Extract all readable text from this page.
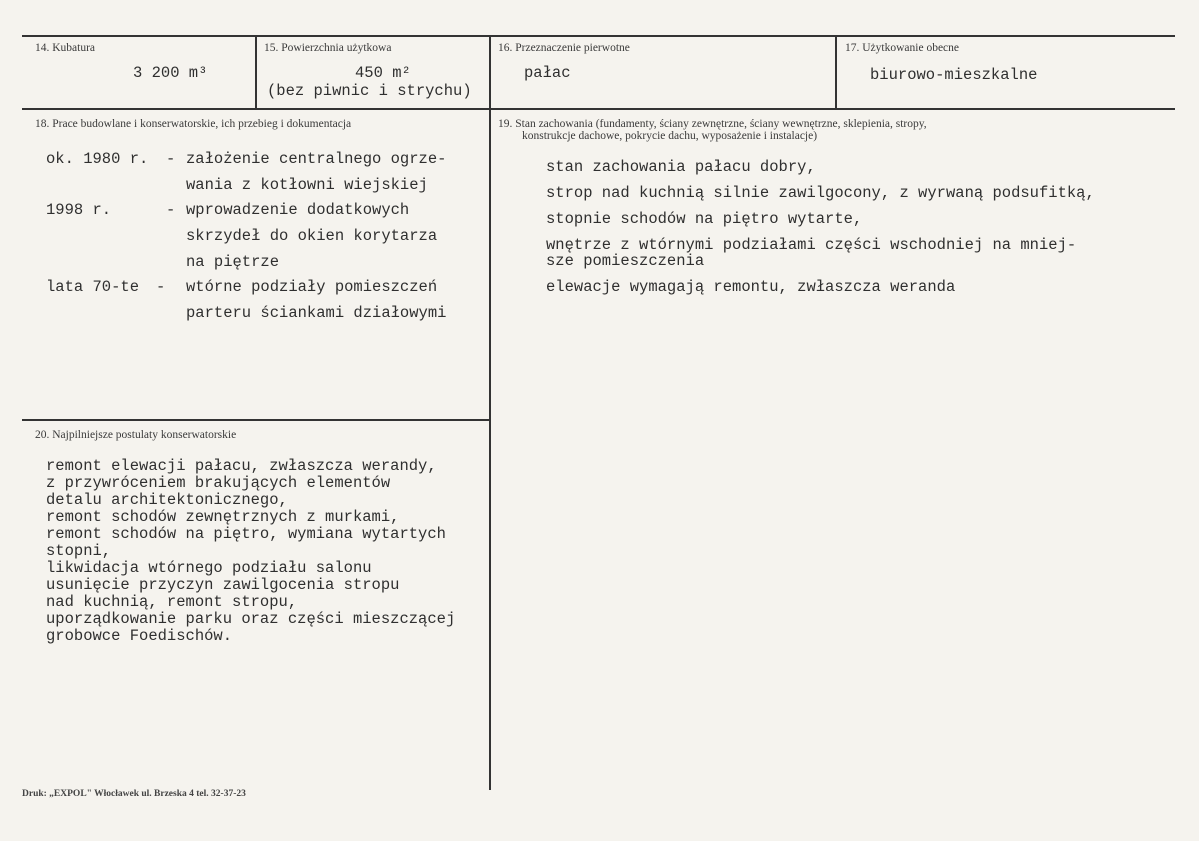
14. Kubatura
3 200 m³
15. Powierzchnia użytkowa
450 m²
(bez piwnic i strychu)
16. Przeznaczenie pierwotne
pałac
17. Użytkowanie obecne
biurowo-mieszkalne
18. Prace budowlane i konserwatorskie, ich przebieg i dokumentacja
ok. 1980 r. - założenie centralnego ogrze-
wania z kotłowni wiejskiej
1998 r.	- wprowadzenie dodatkowych
skrzydeł do okien korytarza
na piętrze
lata 70-te - wtórne podziały pomieszczeń
parteru ściankami działowymi
19. Stan zachowania (fundamenty, ściany zewnętrzne, ściany wewnętrzne, sklepienia, stropy,
konstrukcje dachowe, pokrycie dachu, wyposażenie i instalacje)
stan zachowania pałacu dobry,
strop nad kuchnią silnie zawilgocony, z wyrwaną podsufitką,
stopnie schodów na piętro wytarte,
wnętrze z wtórnymi podziałami części wschodniej na mniej-
sze pomieszczenia
elewacje wymagają remontu, zwłaszcza weranda
20. Najpilniejsze postulaty konserwatorskie
remont elewacji pałacu, zwłaszcza werandy,
z przywróceniem brakujących elementów
detalu architektonicznego,
remont schodów zewnętrznych z murkami,
remont schodów na piętro, wymiana wytartych
stopni,
likwidacja wtórnego podziału salonu
usunięcie przyczyn zawilgocenia stropu
nad kuchnią, remont stropu,
uporządkowanie parku oraz części mieszczącej
grobowce Foedischów.
Druk: „EXPOL" Włocławek ul. Brzeska 4 tel. 32-37-23
